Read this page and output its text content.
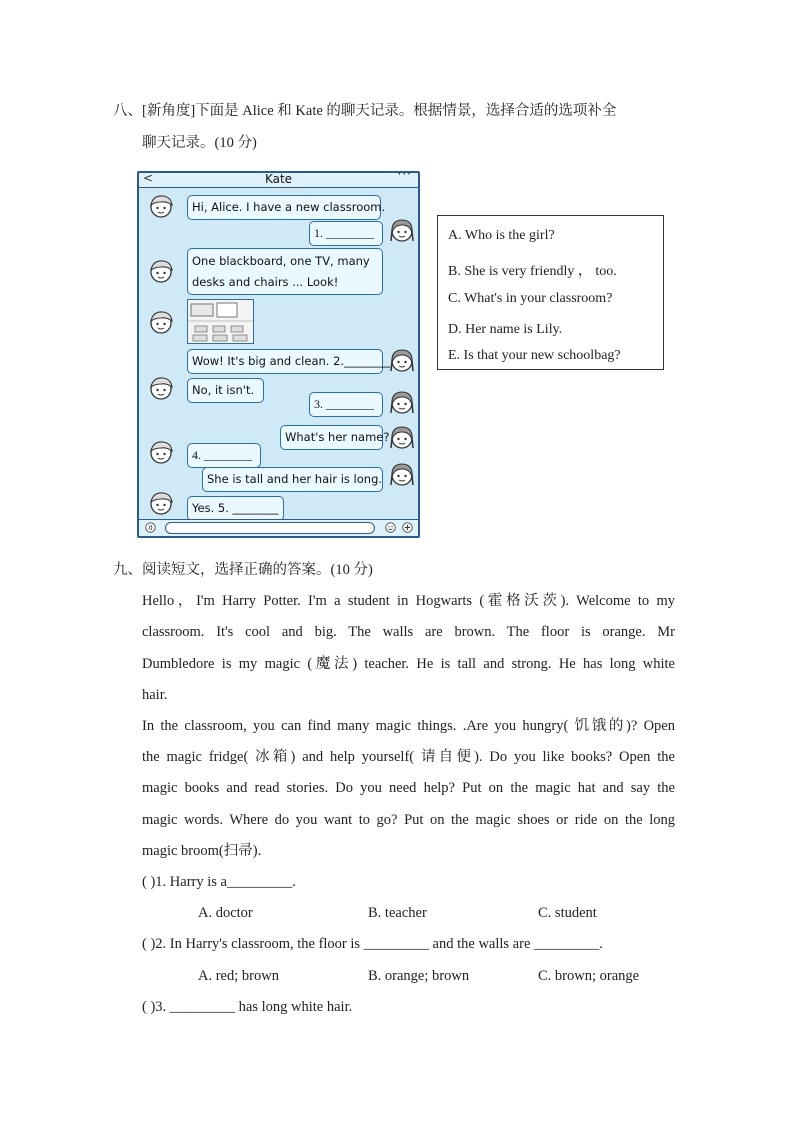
八、[新角度]下面是 Alice 和 Kate 的聊天记录。根据情景，选择合适的选项补全
聊天记录。(10 分)
<	Kate	···
Hi, Alice. I have a new classroom.
1. ________
One blackboard, one TV, many
desks and chairs ... Look!
Wow! It's big and clean. 2.________
No, it isn't.
3. ________
What's her name?
4. ________
She is tall and her hair is long.
Yes. 5. ________
A. Who is the girl?
B. She is very friendly ， too.
C. What's in your classroom?
D. Her name is Lily.
E. Is that your new schoolbag?
九、阅读短文，选择正确的答案。(10 分)
Hello，I'm Harry Potter. I'm a student in Hogwarts (霍格沃茨). Welcome to my
classroom. It's cool and big. The walls are brown. The floor is orange. Mr
Dumbledore is my magic (魔法) teacher. He is tall and strong. He has long white
hair.
In the classroom, you can find many magic things. .Are you hungry( 饥饿的)? Open
the magic fridge( 冰箱) and help yourself( 请自便). Do you like books? Open the
magic books and read stories. Do you need help? Put on the magic hat and say the
magic words. Where do you want to go? Put on the magic shoes or ride on the long
magic broom(扫帚).
( )1. Harry is a_________.
A. doctor	B. teacher	C. student
( )2. In Harry's classroom, the floor is _________ and the walls are _________.
A. red; brown	B. orange; brown	C. brown; orange
( )3. _________ has long white hair.
